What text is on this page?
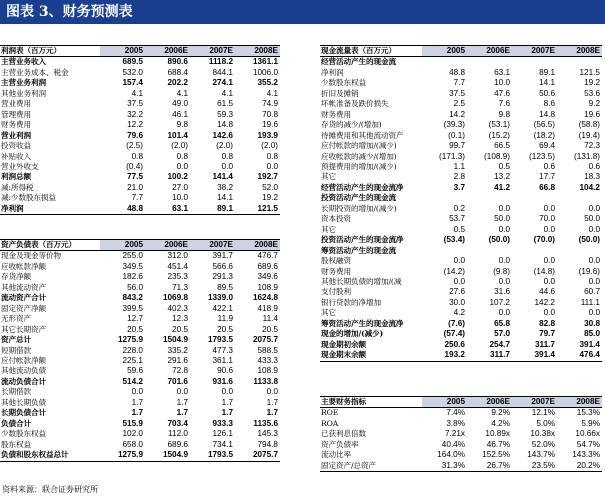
图表 3、财务预测表
利润表（百万元）	2005	2006E	2007E	2008E
主营业务收入	689.5	890.6	1118.2	1361.1
主营业务成本、税金	532.0	688.4	844.1	1006.0
主营业务利润	157.4	202.2	274.1	355.2
其他业务利润	4.1	4.1	4.1	4.1
营业费用	37.5	49.0	61.5	74.9
管理费用	32.2	46.1	59.3	70.8
财务费用	12.2	9.8	14.8	19.6
营业利润	79.6	101.4	142.6	193.9
投资收益	(2.5)	(2.0)	(2.0)	(2.0)
补贴收入	0.8	0.8	0.8	0.8
营业外收支	(0.4)	0.0	0.0	0.0
利润总额	77.5	100.2	141.4	192.7
减:所得税	21.0	27.0	38.2	52.0
减:少数股东损益	7.7	10.0	14.1	19.2
净利润	48.8	63.1	89.1	121.5
资产负债表（百万元）	2005	2006E	2007E	2008E
现金及现金等价物	255.0	312.0	391.7	476.7
应收帐款净额	349.5	451.4	566.6	689.6
存货净额	182.6	235.3	291.3	349.6
其他流动资产	56.0	71.3	89.5	108.9
流动资产合计	843.2	1069.8	1339.0	1624.8
固定资产净额	399.5	402.3	422.1	418.9
无形资产	12.7	12.3	11.9	11.4
其它长期资产	20.5	20.5	20.5	20.5
资产总计	1275.9	1504.9	1793.5	2075.7
短期借款	228.0	335.2	477.3	588.5
应付帐款净额	225.1	291.6	361.1	433.3
其他流动负债	59.6	72.8	90.6	108.9
流动负债合计	514.2	701.6	931.6	1133.8
长期借款	0.0	0.0	0.0	0.0
其他长期负债	1.7	1.7	1.7	1.7
长期负债合计	1.7	1.7	1.7	1.7
负债合计	515.9	703.4	933.3	1135.6
少数股东权益	102.0	112.0	126.1	145.3
股东权益	658.0	689.6	734.1	794.8
负债和股东权益总计	1275.9	1504.9	1793.5	2075.7
现金流量表（百万元）	2005	2006E	2007E	2008E
经营活动产生的现金流				
净利润	48.8	63.1	89.1	121.5
少数股东权益	7.7	10.0	14.1	19.2
折旧及摊销	37.5	47.6	50.6	53.6
坏帐准备及跌价损失	2.5	7.6	8.6	9.2
财务费用	14.2	9.8	14.8	19.6
存货的减少/(增加)	(39.3)	(53.1)	(56.5)	(58.8)
待摊费用和其他流动资产	(0.1)	(15.2)	(18.2)	(19.4)
应付帐款的增加/(减少)	99.7	66.5	69.4	72.3
应收帐款的减少/(增加)	(171.3)	(108.9)	(123.5)	(131.8)
预提费用的增加/(减少)	1.1	0.5	0.6	0.6
其它	2.8	13.2	17.7	18.3
经营活动产生的现金流净	3.7	41.2	66.8	104.2
投资活动产生的现金流				
长期投资的增加/(减少)	0.2	0.0	0.0	0.0
资本投资	53.7	50.0	70.0	50.0
其它	0.5	0.0	0.0	0.0
投资活动产生的现金流净	(53.4)	(50.0)	(70.0)	(50.0)
筹资活动产生的现金流				
股权融资	0.0	0.0	0.0	0.0
财务费用	(14.2)	(9.8)	(14.8)	(19.6)
其他长期负债的增加/(减	0.0	0.0	0.0	0.0
支付股利	27.6	31.6	44.6	60.7
银行贷款的净增加	30.0	107.2	142.2	111.1
其它	4.2	0.0	0.0	0.0
筹资活动产生的现金流净	(7.6)	65.8	82.8	30.8
现金的增加/(减少)	(57.4)	57.0	79.7	85.0
现金期初余额	250.6	254.7	311.7	391.4
现金期末余额	193.2	311.7	391.4	476.4
主要财务指标	2005	2006E	2007E	2008E
ROE	7.4%	9.2%	12.1%	15.3%
ROA	3.8%	4.2%	5.0%	5.9%
已获利息倍数	7.21x	10.89x	10.38x	10.66x
资产负债率	40.4%	46.7%	52.0%	54.7%
流动比率	164.0%	152.5%	143.7%	143.3%
固定资产/总资产	31.3%	26.7%	23.5%	20.2%
资料来源：联合证券研究所
